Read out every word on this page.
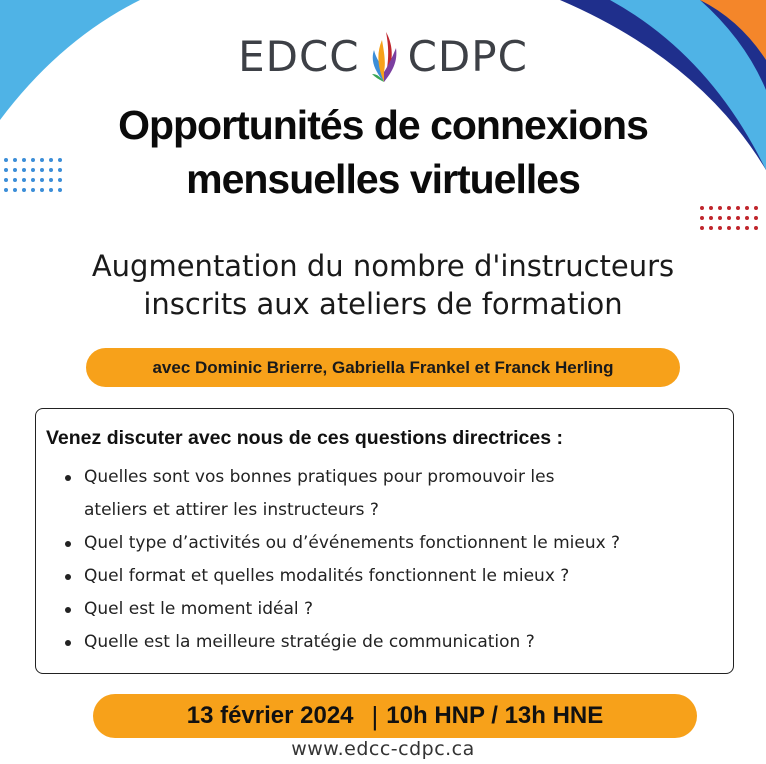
EDCC CDPC
Opportunités de connexions
mensuelles virtuelles
Augmentation du nombre d'instructeurs
inscrits aux ateliers de formation
avec Dominic Brierre, Gabriella Frankel et Franck Herling
Venez discuter avec nous de ces questions directrices :
Quelles sont vos bonnes pratiques pour promouvoir les
ateliers et attirer les instructeurs ?
Quel type d’activités ou d’événements fonctionnent le mieux ?
Quel format et quelles modalités fonctionnent le mieux ?
Quel est le moment idéal ?
Quelle est la meilleure stratégie de communication ?
13 février 2024 | 10h HNP / 13h HNE
www.edcc-cdpc.ca
